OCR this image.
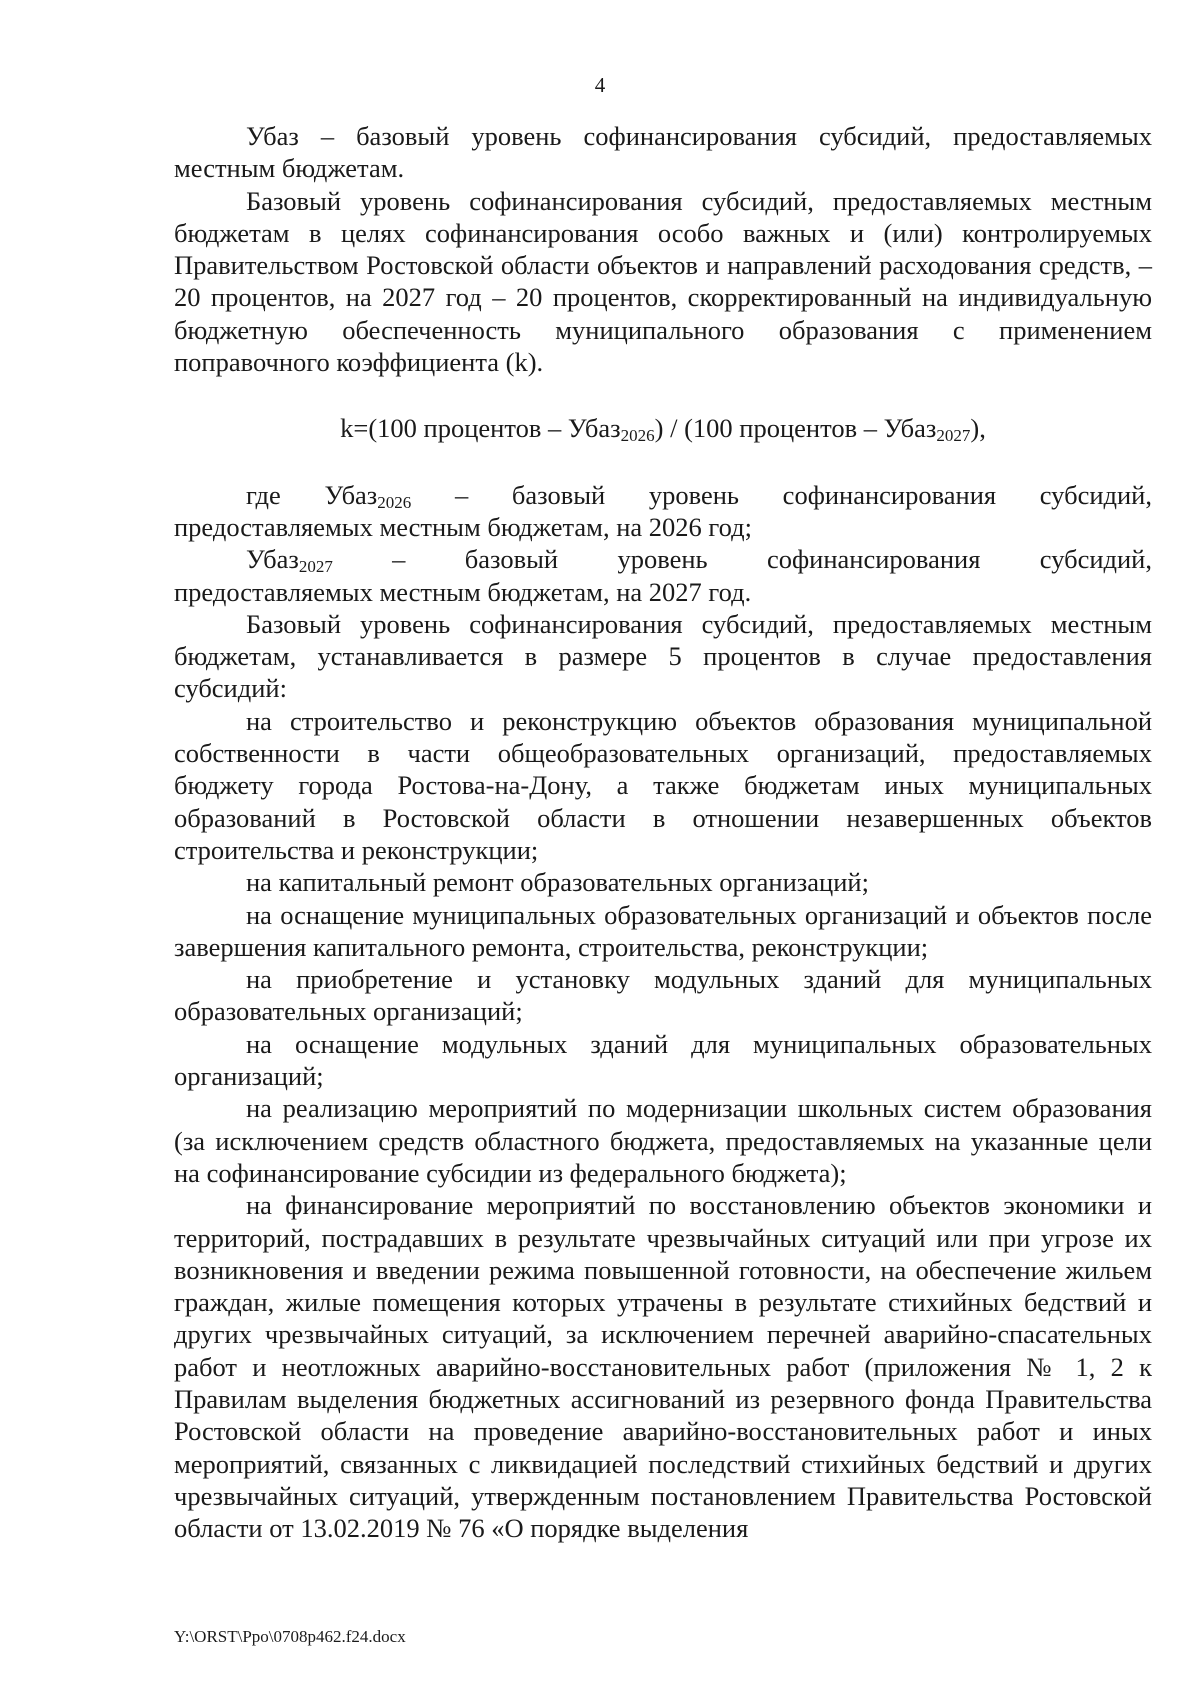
4

Убаз – базовый уровень софинансирования субсидий, предоставляемых местным бюджетам.

Базовый уровень софинансирования субсидий, предоставляемых местным бюджетам в целях софинансирования особо важных и (или) контролируемых Правительством Ростовской области объектов и направлений расходования средств, – 20 процентов, на 2027 год – 20 процентов, скорректированный на индивидуальную бюджетную обеспеченность муниципального образования с применением поправочного коэффициента (k).

k=(100 процентов – Убаз$_{2026}$) / (100 процентов – Убаз$_{2027}$),

где Убаз$_{2026}$ – базовый уровень софинансирования субсидий,

предоставляемых местным бюджетам, на 2026 год;

Убаз$_{2027}$ – базовый уровень софинансирования субсидий,

предоставляемых местным бюджетам, на 2027 год.

Базовый уровень софинансирования субсидий, предоставляемых местным бюджетам, устанавливается в размере 5 процентов в случае предоставления субсидий:

на строительство и реконструкцию объектов образования муниципальной собственности в части общеобразовательных организаций, предоставляемых бюджету города Ростова-на-Дону, а также бюджетам иных муниципальных образований в Ростовской области в отношении незавершенных объектов строительства и реконструкции;

на капитальный ремонт образовательных организаций;

на оснащение муниципальных образовательных организаций и объектов после завершения капитального ремонта, строительства, реконструкции;

на приобретение и установку модульных зданий для муниципальных образовательных организаций;

на оснащение модульных зданий для муниципальных образовательных организаций;

на реализацию мероприятий по модернизации школьных систем образования (за исключением средств областного бюджета, предоставляемых на указанные цели на софинансирование субсидии из федерального бюджета);

на финансирование мероприятий по восстановлению объектов экономики и территорий, пострадавших в результате чрезвычайных ситуаций или при угрозе их возникновения и введении режима повышенной готовности, на обеспечение жильем граждан, жилые помещения которых утрачены в результате стихийных бедствий и других чрезвычайных ситуаций, за исключением перечней аварийно-спасательных работ и неотложных аварийно-восстановительных работ (приложения № 1, 2 к Правилам выделения бюджетных ассигнований из резервного фонда Правительства Ростовской области на проведение аварийно-восстановительных работ и иных мероприятий, связанных с ликвидацией последствий стихийных бедствий и других чрезвычайных ситуаций, утвержденным постановлением Правительства Ростовской области от 13.02.2019 № 76 «О порядке выделения

Y:\ORST\Ppo\0708p462.f24.docx
